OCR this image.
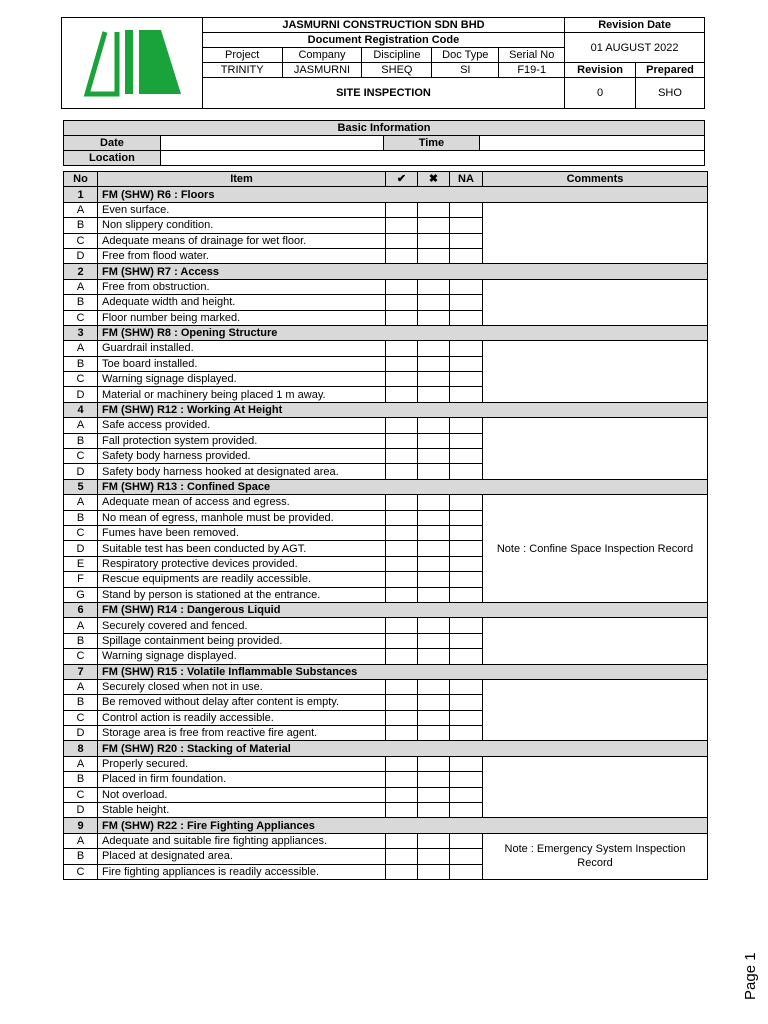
	JASMURNI CONSTRUCTION SDN BHD					Revision Date	
	Document Registration Code					01 AUGUST 2022	
	Project	Company	Discipline	Doc Type	Serial No		
	TRINITY	JASMURNI	SHEQ	SI	F19-1	Revision	Prepared
	SITE INSPECTION					0	SHO
Basic Information			
Date		Time	
Location			
No	Item	✔	✖	NA	Comments
1	FM (SHW) R6 : Floors				
A	Even surface.				
B	Non slippery condition.				
C	Adequate means of drainage for wet floor.				
D	Free from flood water.				
2	FM (SHW) R7 : Access				
A	Free from obstruction.				
B	Adequate width and height.				
C	Floor number being marked.				
3	FM (SHW) R8 : Opening Structure				
A	Guardrail installed.				
B	Toe board installed.				
C	Warning signage displayed.				
D	Material or machinery being placed 1 m away.				
4	FM (SHW) R12 : Working At Height				
A	Safe access provided.				
B	Fall protection system provided.				
C	Safety body harness provided.				
D	Safety body harness hooked at designated area.				
5	FM (SHW) R13 : Confined Space				
A	Adequate mean of access and egress.				Note : Confine Space Inspection Record
B	No mean of egress, manhole must be provided.				
C	Fumes have been removed.				
D	Suitable test has been conducted by AGT.				
E	Respiratory protective devices provided.				
F	Rescue equipments are readily accessible.				
G	Stand by person is stationed at the entrance.				
6	FM (SHW) R14 : Dangerous Liquid				
A	Securely covered and fenced.				
B	Spillage containment being provided.				
C	Warning signage displayed.				
7	FM (SHW) R15 : Volatile Inflammable Substances				
A	Securely closed when not in use.				
B	Be removed without delay after content is empty.				
C	Control action is readily accessible.				
D	Storage area is free from reactive fire agent.				
8	FM (SHW) R20 : Stacking of Material				
A	Properly secured.				
B	Placed in firm foundation.				
C	Not overload.				
D	Stable height.				
9	FM (SHW) R22 : Fire Fighting Appliances				
A	Adequate and suitable fire fighting appliances.				Note : Emergency System Inspection Record
B	Placed at designated area.				
C	Fire fighting appliances is readily accessible.				
Page 1
